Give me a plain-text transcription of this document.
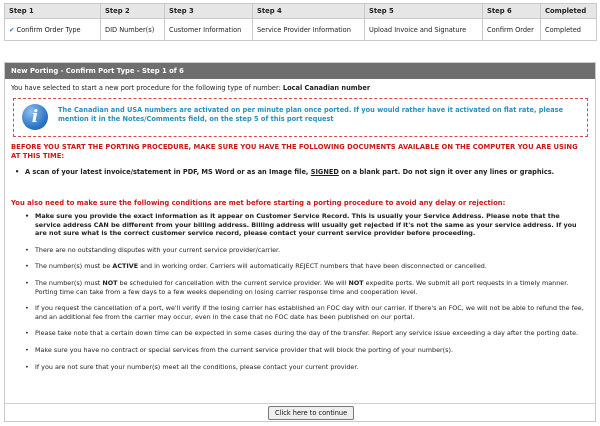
Step 1	Step 2	Step 3	Step 4	Step 5	Step 6	Completed
✔ Confirm Order Type	DID Number(s)	Customer Information	Service Provider Information	Upload Invoice and Signature	Confirm Order	Completed
New Porting - Confirm Port Type - Step 1 of 6
You have selected to start a new port procedure for the following type of number: Local Canadian number
i	The Canadian and USA numbers are activated on per minute plan once ported. If you would rather have it activated on flat rate, please mention it in the Notes/Comments field, on the step 5 of this port request
BEFORE YOU START THE PORTING PROCEDURE, MAKE SURE YOU HAVE THE FOLLOWING DOCUMENTS AVAILABLE ON THE COMPUTER YOU ARE USING AT THIS TIME:
• A scan of your latest invoice/statement in PDF, MS Word or as an Image file, SIGNED on a blank part. Do not sign it over any lines or graphics.
You also need to make sure the following conditions are met before starting a porting procedure to avoid any delay or rejection:
• Make sure you provide the exact information as it appear on Customer Service Record. This is usually your Service Address. Please note that the service address CAN be different from your billing address. Billing address will usually get rejected if it's not the same as your service address. If you are not sure what is the correct customer service record, please contact your current service provider before proceeding.
• There are no outstanding disputes with your current service provider/carrier.
• The number(s) must be ACTIVE and in working order. Carriers will automatically REJECT numbers that have been disconnected or cancelled.
• The number(s) must NOT be scheduled for cancellation with the current service provider. We will NOT expedite ports. We submit all port requests in a timely manner. Porting time can take from a few days to a few weeks depending on losing carrier response time and cooperation level.
• If you request the cancellation of a port, we'll verify if the losing carrier has established an FOC day with our carrier. If there's an FOC, we will not be able to refund the fee, and an additional fee from the carrier may occur, even in the case that no FOC date has been published on our portal.
• Please take note that a certain down time can be expected in some cases during the day of the transfer. Report any service issue exceeding a day after the porting date.
• Make sure you have no contract or special services from the current service provider that will block the porting of your number(s).
• If you are not sure that your number(s) meet all the conditions, please contact your current provider.
Click here to continue
